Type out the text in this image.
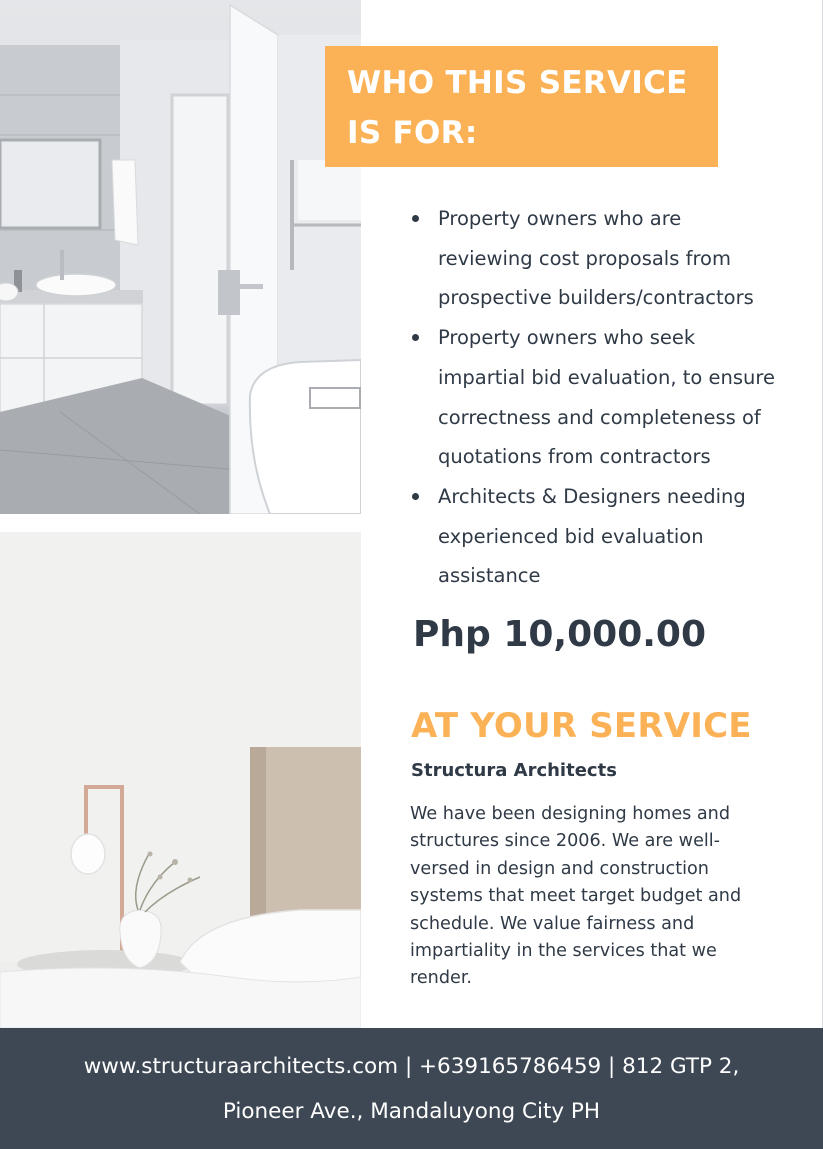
WHO THIS SERVICE
IS FOR:
Property owners who are
reviewing cost proposals from
prospective builders/contractors
Property owners who seek
impartial bid evaluation, to ensure
correctness and completeness of
quotations from contractors
Architects & Designers needing
experienced bid evaluation
assistance
Php 10,000.00
AT YOUR SERVICE
Structura Architects
We have been designing homes and
structures since 2006. We are well-
versed in design and construction
systems that meet target budget and
schedule. We value fairness and
impartiality in the services that we
render.
www.structuraarchitects.com | +639165786459 | 812 GTP 2,
Pioneer Ave., Mandaluyong City PH
